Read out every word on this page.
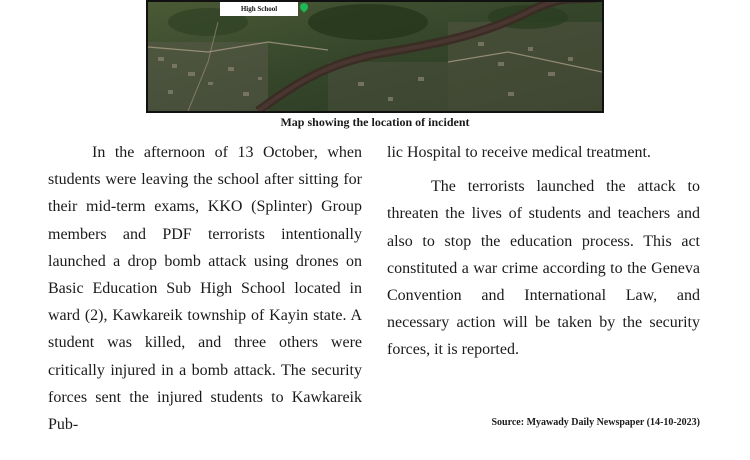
High School
Map showing the location of incident

In the afternoon of 13 October, when students were leaving the school after sitting for their mid-term exams, KKO (Splinter) Group members and PDF terrorists intentionally launched a drop bomb attack using drones on Basic Education Sub High School located in ward (2), Kawkareik township of Kayin state. A student was killed, and three others were critically injured in a bomb attack. The security forces sent the injured students to Kawkareik Pub-

lic Hospital to receive medical treatment.

The terrorists launched the attack to threaten the lives of students and teachers and also to stop the education process. This act constituted a war crime according to the Geneva Convention and International Law, and necessary action will be taken by the security forces, it is reported.

Source: Myawady Daily Newspaper (14-10-2023)
